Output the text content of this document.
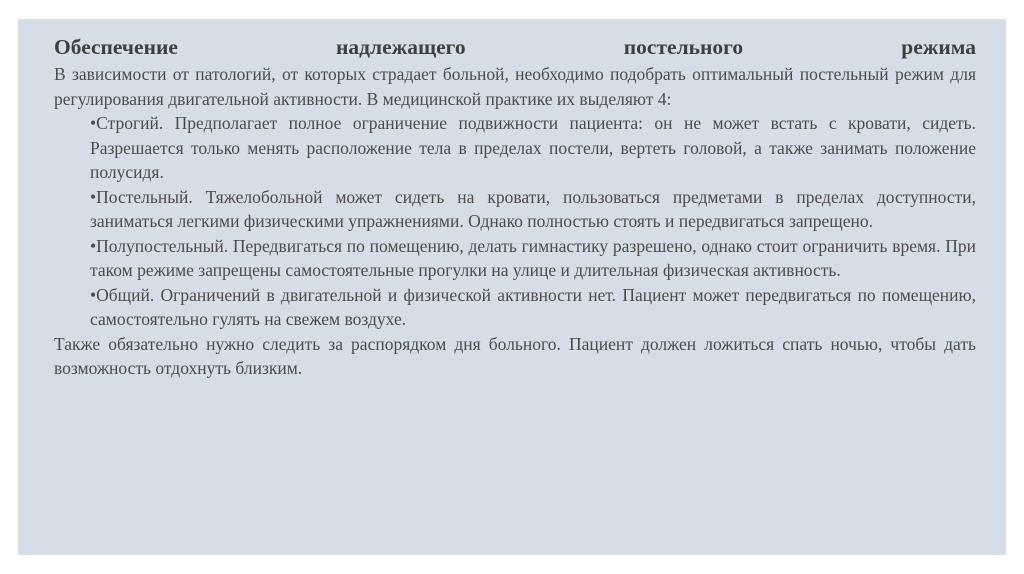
Обеспечение	надлежащего	постельного	режима

В зависимости от патологий, от которых страдает больной, необходимо подобрать оптимальный постельный режим для регулирования двигательной активности. В медицинской практике их выделяют 4:

•Строгий. Предполагает полное ограничение подвижности пациента: он не может встать с кровати, сидеть. Разрешается только менять расположение тела в пределах постели, вертеть головой, а также занимать положение полусидя.
•Постельный. Тяжелобольной может сидеть на кровати, пользоваться предметами в пределах доступности, заниматься легкими физическими упражнениями. Однако полностью стоять и передвигаться запрещено.
•Полупостельный. Передвигаться по помещению, делать гимнастику разрешено, однако стоит ограничить время. При таком режиме запрещены самостоятельные прогулки на улице и длительная физическая активность.
•Общий. Ограничений в двигательной и физической активности нет. Пациент может передвигаться по помещению, самостоятельно гулять на свежем воздухе.

Также обязательно нужно следить за распорядком дня больного. Пациент должен ложиться спать ночью, чтобы дать возможность отдохнуть близким.
